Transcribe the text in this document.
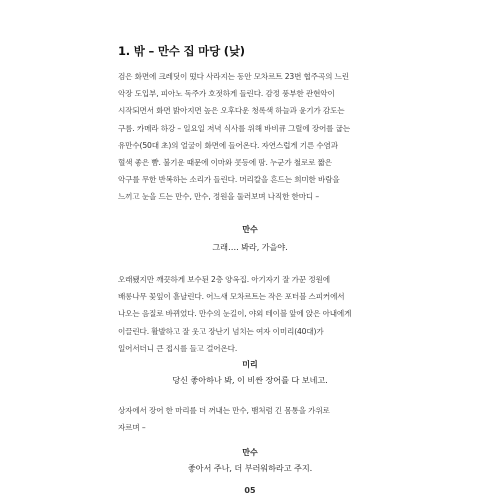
1. 밖 – 만수 집 마당 (낮)
검은 화면에 크레딧이 떴다 사라지는 동안 모차르트 23번 협주곡의 느린
악장 도입부, 피아노 독주가 호젓하게 들린다. 감정 풍부한 관현악이
시작되면서 화면 밝아지면 높은 오후다운 청록색 하늘과 윤기가 감도는
구름. 카메라 하강 – 일요일 저녁 식사를 위해 바비큐 그릴에 장어를 굽는
유만수(50대 초)의 얼굴이 화면에 들어온다. 자연스럽게 기른 수염과
혈색 좋은 뺨. 불기운 때문에 이마와 콧등에 땀. 누군가 철로로 짧은
악구를 무한 반복하는 소리가 들린다. 머리칼을 흔드는 희미한 바람을
느끼고 눈을 드는 만수, 만수, 정원을 둘러보며 나직한 한마디 –
만수
그래…. 봐라, 가을야.
오래됐지만 깨끗하게 보수된 2층 양옥집. 아기자기 잘 가꾼 정원에
배롱나무 꽃잎이 흩날린다. 어느새 모차르트는 작은 포터블 스피커에서
나오는 음질로 바뀌었다. 만수의 눈길이, 야외 테이블 앞에 앉은 아내에게
이끌린다. 활발하고 잘 웃고 장난기 넘치는 여자 이미리(40대)가
일어서더니 큰 접시를 들고 걸어온다.
미리
당신 좋아하나 봐, 이 비싼 장어를 다 보네고.
상자에서 장어 한 마리를 더 꺼내는 만수, 뱀처럼 긴 몸통을 가위로
자르며 –
만수
좋아서 주나, 더 부러워하라고 주지.
05
